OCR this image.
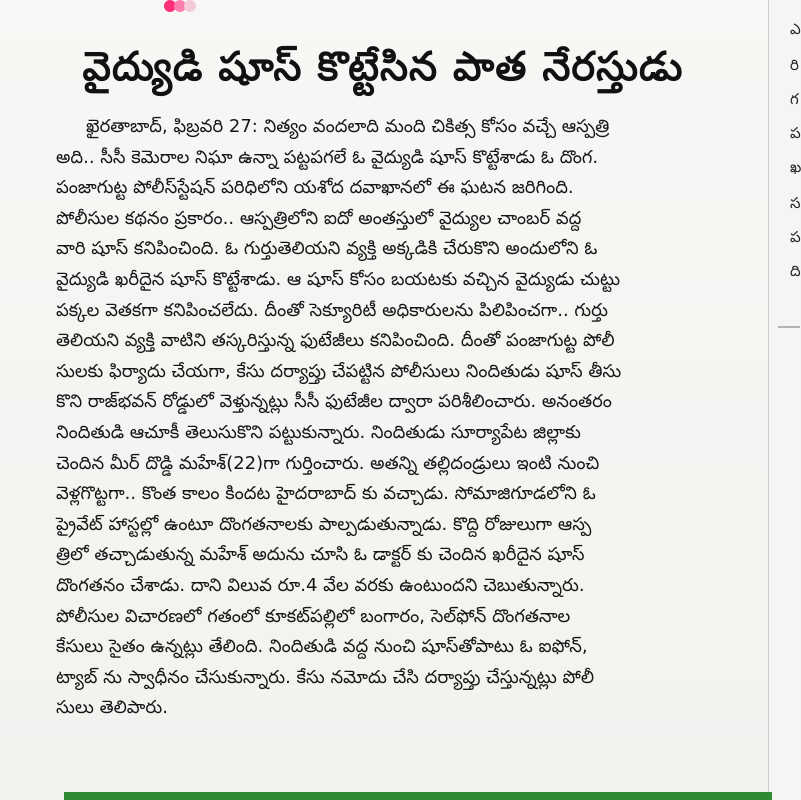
వైద్యుడి షూస్ కొట్టేసిన పాత నేరస్తుడు
ఖైరతాబాద్, ఫిబ్రవరి 27: నిత్యం వందలాది మంది చికిత్స కోసం వచ్చే ఆస్పత్రి
అది.. సీసీ కెమెరాల నిఘా ఉన్నా పట్టపగలే ఓ వైద్యుడి షూస్ కొట్టేశాడు ఓ దొంగ.
పంజాగుట్ట పోలీస్‌స్టేషన్ పరిధిలోని యశోద దవాఖానలో ఈ ఘటన జరిగింది.
పోలీసుల కథనం ప్రకారం.. ఆస్పత్రిలోని ఐదో అంతస్తులో వైద్యుల చాంబర్ వద్ద
వారి షూస్ కనిపించింది. ఓ గుర్తుతెలియని వ్యక్తి అక్కడికి చేరుకొని అందులోని ఓ
వైద్యుడి ఖరీదైన షూస్ కొట్టేశాడు. ఆ షూస్ కోసం బయటకు వచ్చిన వైద్యుడు చుట్టు
పక్కల వెతకగా కనిపించలేదు. దీంతో సెక్యూరిటీ అధికారులను పిలిపించగా.. గుర్తు
తెలియని వ్యక్తి వాటిని తస్కరిస్తున్న ఫుటేజీలు కనిపించింది. దీంతో పంజాగుట్ట పోలీ
సులకు ఫిర్యాదు చేయగా, కేసు దర్యాప్తు చేపట్టిన పోలీసులు నిందితుడు షూస్ తీసు
కొని రాజ్‌భవన్ రోడ్డులో వెళ్తున్నట్లు సీసీ ఫుటేజీల ద్వారా పరిశీలించారు. అనంతరం
నిందితుడి ఆచూకీ తెలుసుకొని పట్టుకున్నారు. నిందితుడు సూర్యాపేట జిల్లాకు
చెందిన మీర్ దొడ్డి మహేశ్(22)గా గుర్తించారు. అతన్ని తల్లిదండ్రులు ఇంటి నుంచి
వెళ్లగొట్టగా.. కొంత కాలం కిందట హైదరాబాద్ కు వచ్చాడు. సోమాజిగూడలోని ఓ
ప్రైవేట్ హాస్టల్లో ఉంటూ దొంగతనాలకు పాల్పడుతున్నాడు. కొద్ది రోజులుగా ఆస్ప
త్రిలో తచ్చాడుతున్న మహేశ్ అదును చూసి ఓ డాక్టర్ కు చెందిన ఖరీదైన షూస్
దొంగతనం చేశాడు. దాని విలువ రూ.4 వేల వరకు ఉంటుందని చెబుతున్నారు.
పోలీసుల విచారణలో గతంలో కూకట్‌పల్లిలో బంగారం, సెల్‌ఫోన్ దొంగతనాల
కేసులు సైతం ఉన్నట్లు తేలింది. నిందితుడి వద్ద నుంచి షూస్‌తోపాటు ఓ ఐఫోన్,
ట్యాబ్ ను స్వాధీనం చేసుకున్నారు. కేసు నమోదు చేసి దర్యాప్తు చేస్తున్నట్లు పోలీ
సులు తెలిపారు.
ఎ
రి
గ
ప
ఖ
స
ప
ది
